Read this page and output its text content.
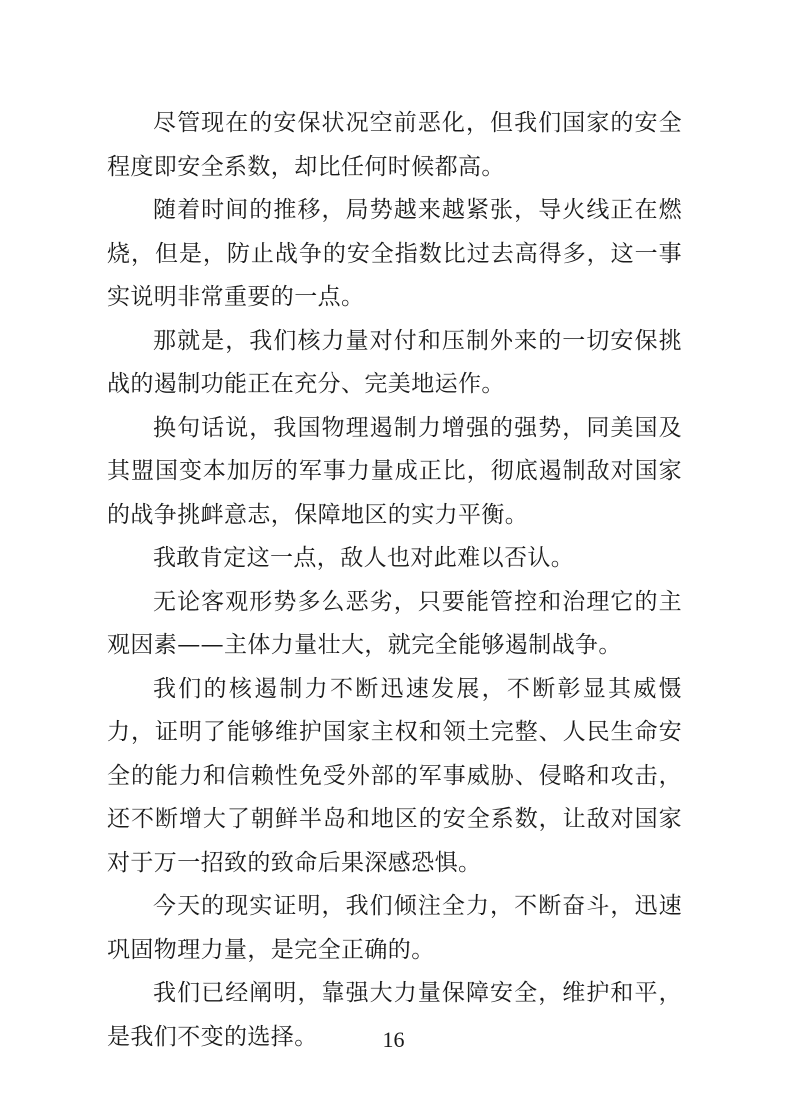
尽管现在的安保状况空前恶化，但我们国家的安全程度即安全系数，却比任何时候都高。

随着时间的推移，局势越来越紧张，导火线正在燃烧，但是，防止战争的安全指数比过去高得多，这一事实说明非常重要的一点。

那就是，我们核力量对付和压制外来的一切安保挑战的遏制功能正在充分、完美地运作。

换句话说，我国物理遏制力增强的强势，同美国及其盟国变本加厉的军事力量成正比，彻底遏制敌对国家的战争挑衅意志，保障地区的实力平衡。

我敢肯定这一点，敌人也对此难以否认。

无论客观形势多么恶劣，只要能管控和治理它的主观因素——主体力量壮大，就完全能够遏制战争。

我们的核遏制力不断迅速发展，不断彰显其威慑力，证明了能够维护国家主权和领土完整、人民生命安全的能力和信赖性免受外部的军事威胁、侵略和攻击，还不断增大了朝鲜半岛和地区的安全系数，让敌对国家对于万一招致的致命后果深感恐惧。

今天的现实证明，我们倾注全力，不断奋斗，迅速巩固物理力量，是完全正确的。

我们已经阐明，靠强大力量保障安全，维护和平，是我们不变的选择。	16
